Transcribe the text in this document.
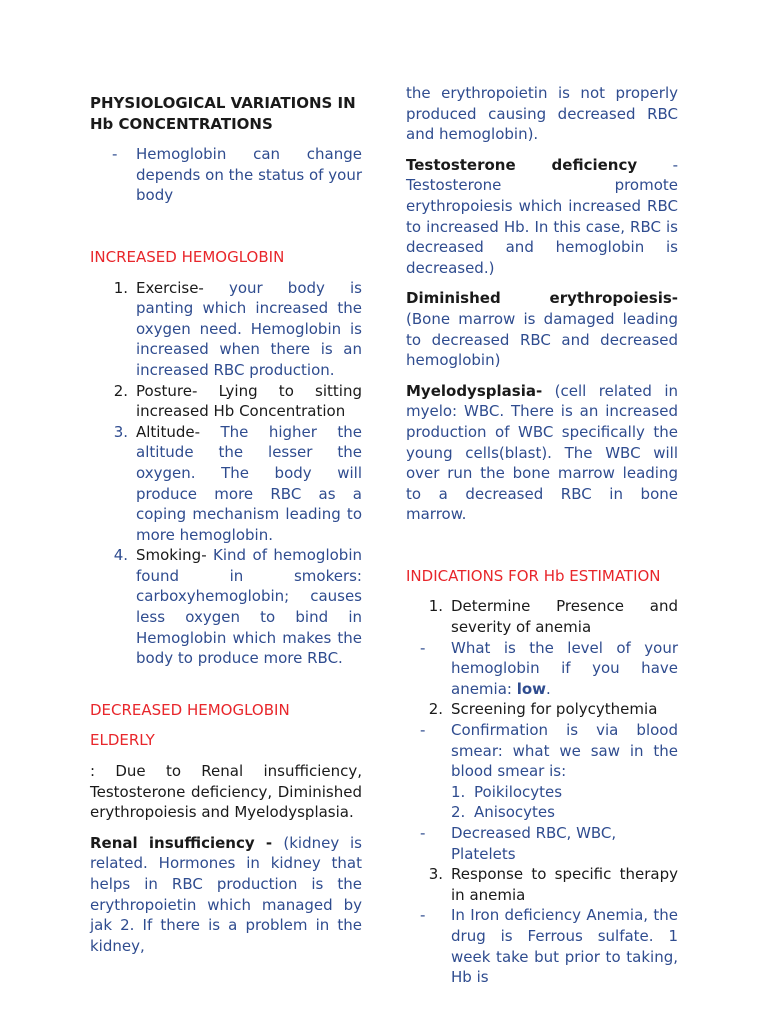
PHYSIOLOGICAL VARIATIONS IN Hb CONCENTRATIONS

-	Hemoglobin can change depends on the status of your body

INCREASED HEMOGLOBIN

1. Exercise- your body is panting which increased the oxygen need. Hemoglobin is increased when there is an increased RBC production.
2. Posture- Lying to sitting increased Hb Concentration
3. Altitude- The higher the altitude the lesser the oxygen. The body will produce more RBC as a coping mechanism leading to more hemoglobin.
4. Smoking- Kind of hemoglobin found in smokers: carboxyhemoglobin; causes less oxygen to bind in Hemoglobin which makes the body to produce more RBC.

DECREASED HEMOGLOBIN

ELDERLY

: Due to Renal insufficiency, Testosterone deficiency, Diminished erythropoiesis and Myelodysplasia.

Renal insufficiency - (kidney is related. Hormones in kidney that helps in RBC production is the erythropoietin which managed by jak 2. If there is a problem in the kidney,

the erythropoietin is not properly produced causing decreased RBC and hemoglobin).

Testosterone deficiency - Testosterone promote erythropoiesis which increased RBC to increased Hb. In this case, RBC is decreased and hemoglobin is decreased.)

Diminished erythropoiesis- (Bone marrow is damaged leading to decreased RBC and decreased hemoglobin)

Myelodysplasia- (cell related in myelo: WBC. There is an increased production of WBC specifically the young cells(blast). The WBC will over run the bone marrow leading to a decreased RBC in bone marrow.

INDICATIONS FOR Hb ESTIMATION

1. Determine Presence and severity of anemia
-	What is the level of your hemoglobin if you have anemia: low.
2. Screening for polycythemia
-	Confirmation is via blood smear: what we saw in the blood smear is:
1. Poikilocytes
2. Anisocytes
-	Decreased RBC, WBC, Platelets
3. Response to specific therapy in anemia
-	In Iron deficiency Anemia, the drug is Ferrous sulfate. 1 week take but prior to taking, Hb is
